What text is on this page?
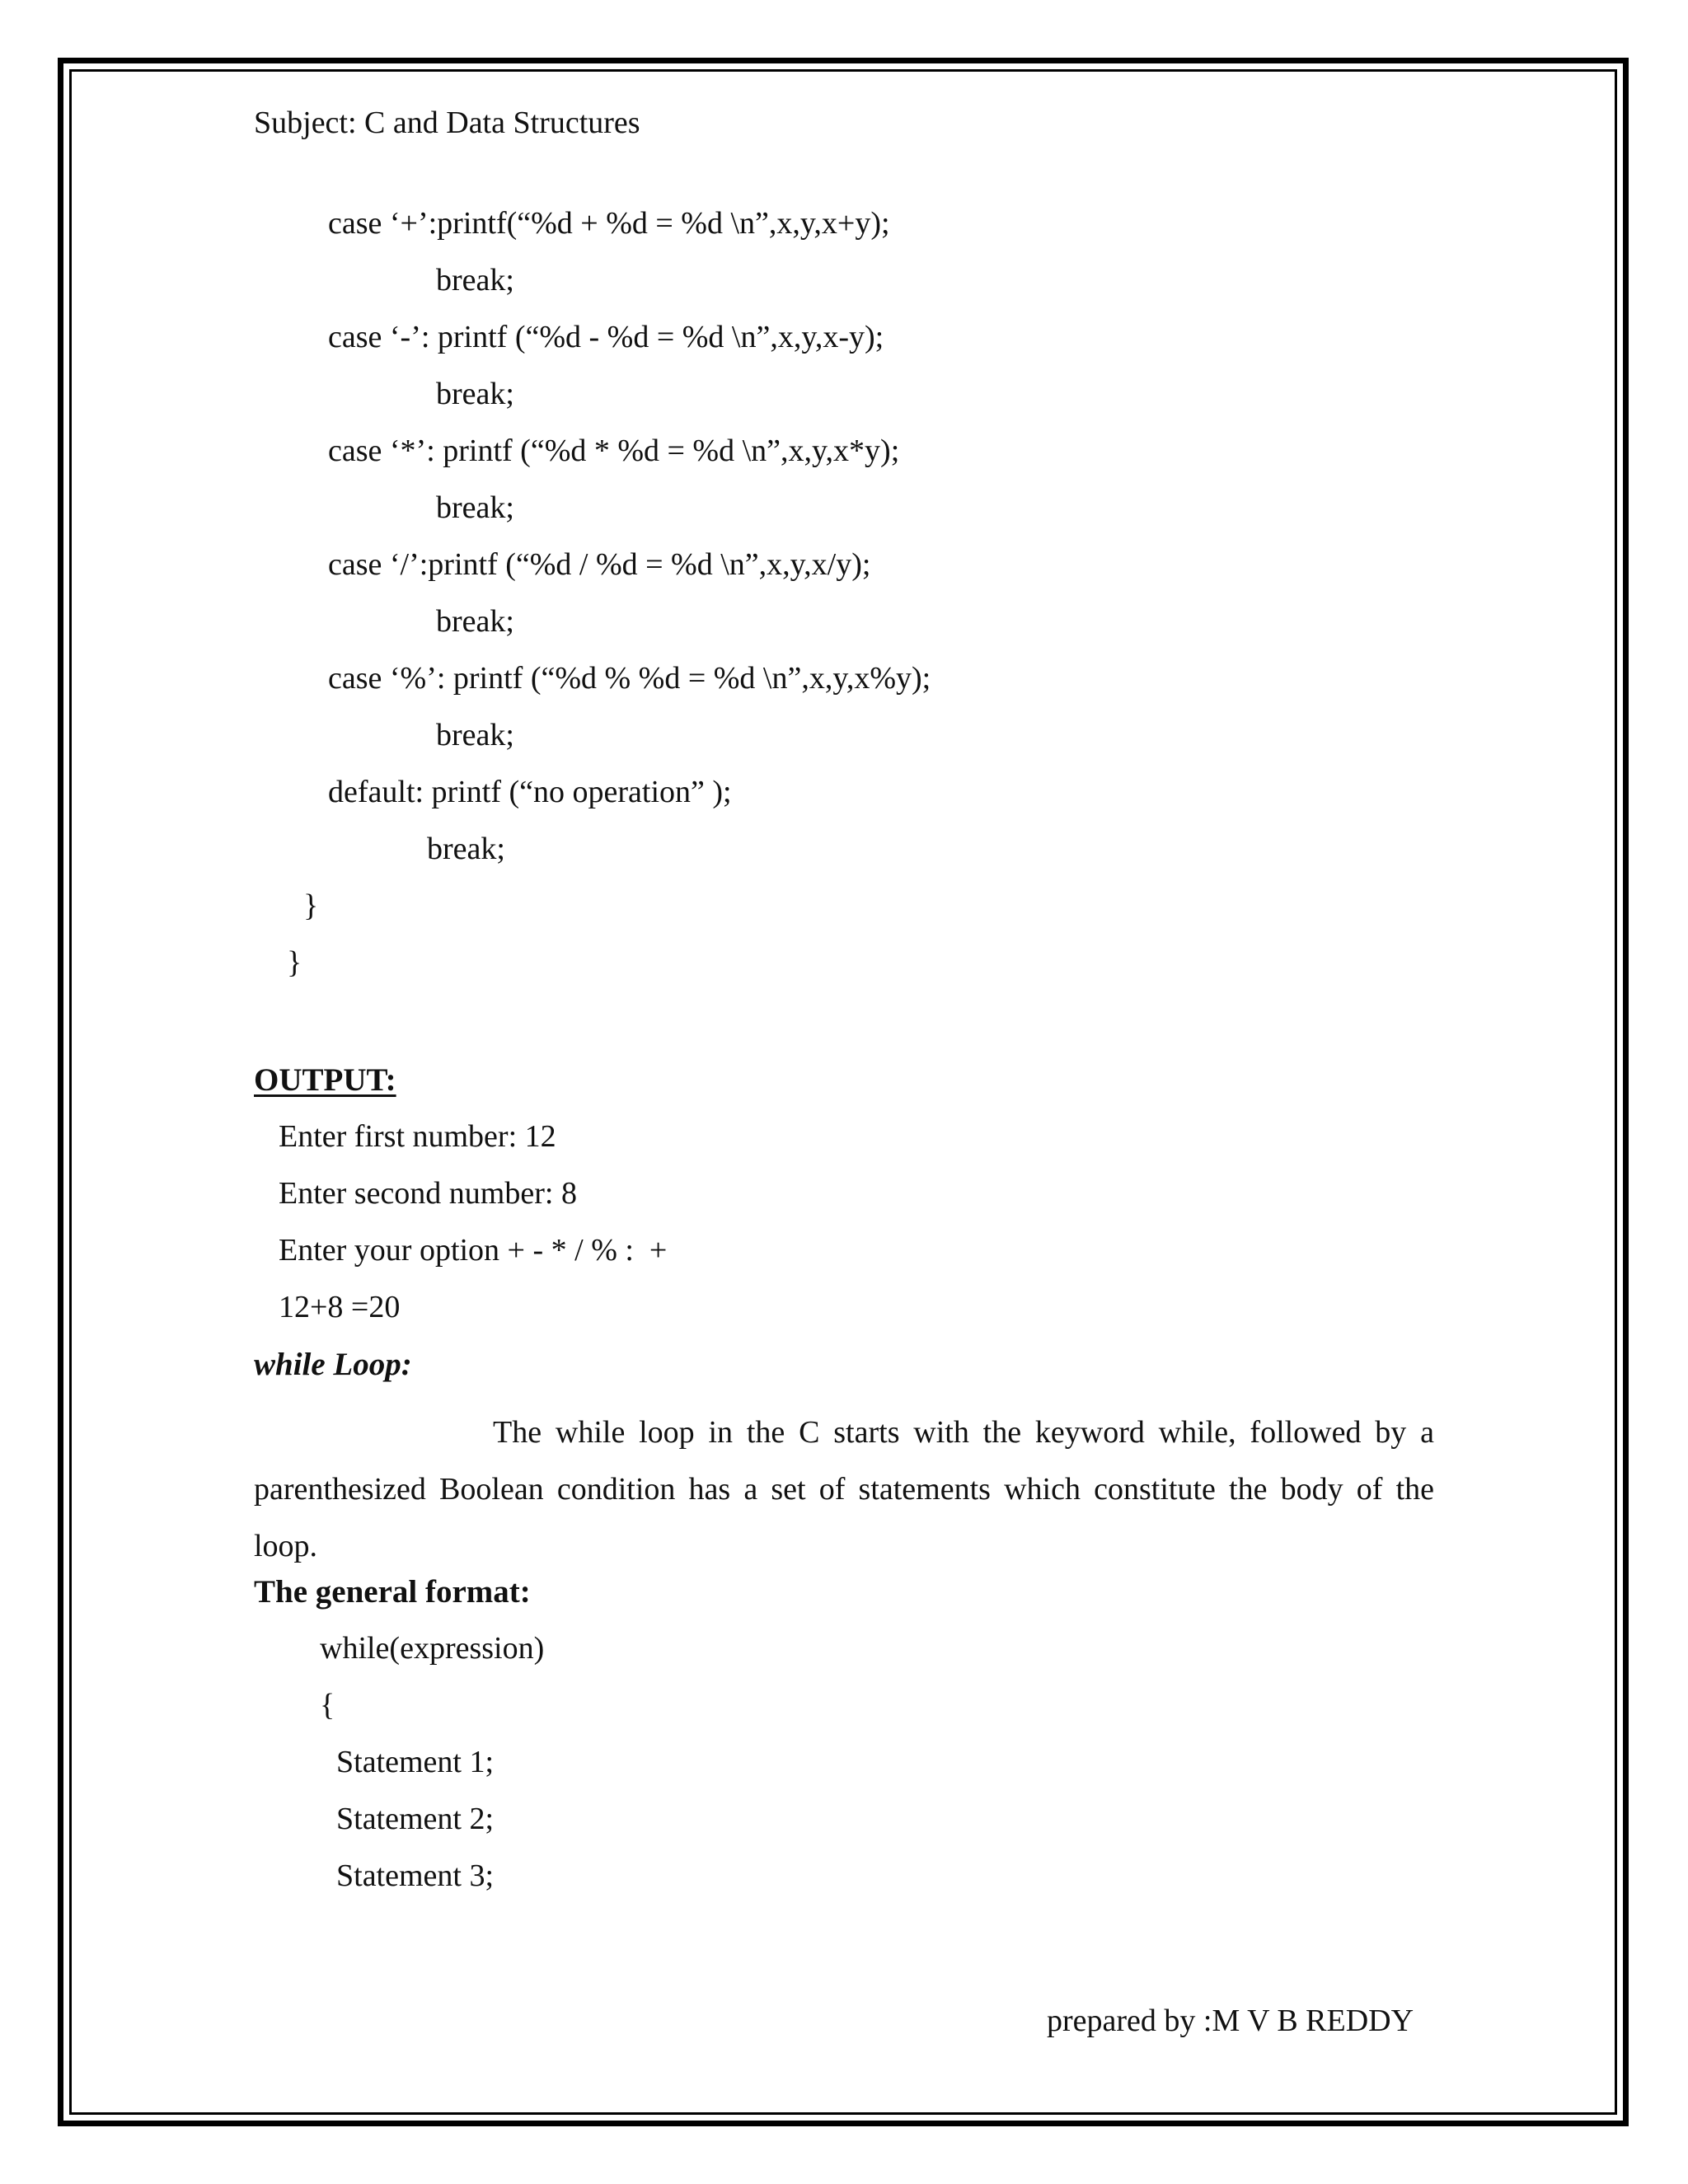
Subject: C and Data Structures
case ‘+’:printf(“%d + %d = %d \n”,x,y,x+y);
break;
case ‘-’: printf (“%d - %d = %d \n”,x,y,x-y);
break;
case ‘*’: printf (“%d * %d = %d \n”,x,y,x*y);
break;
case ‘/’:printf (“%d / %d = %d \n”,x,y,x/y);
break;
case ‘%’: printf (“%d % %d = %d \n”,x,y,x%y);
break;
default: printf (“no operation” );
break;
}
}
OUTPUT:
Enter first number: 12
Enter second number: 8
Enter your option + - * / % :  +
12+8 =20
while Loop:
The while loop in the C starts with the keyword while, followed by a parenthesized Boolean condition has a set of statements which constitute the body of the loop.
The general format:
while(expression)
{
Statement 1;
Statement 2;
Statement 3;
prepared by :M V B REDDY
